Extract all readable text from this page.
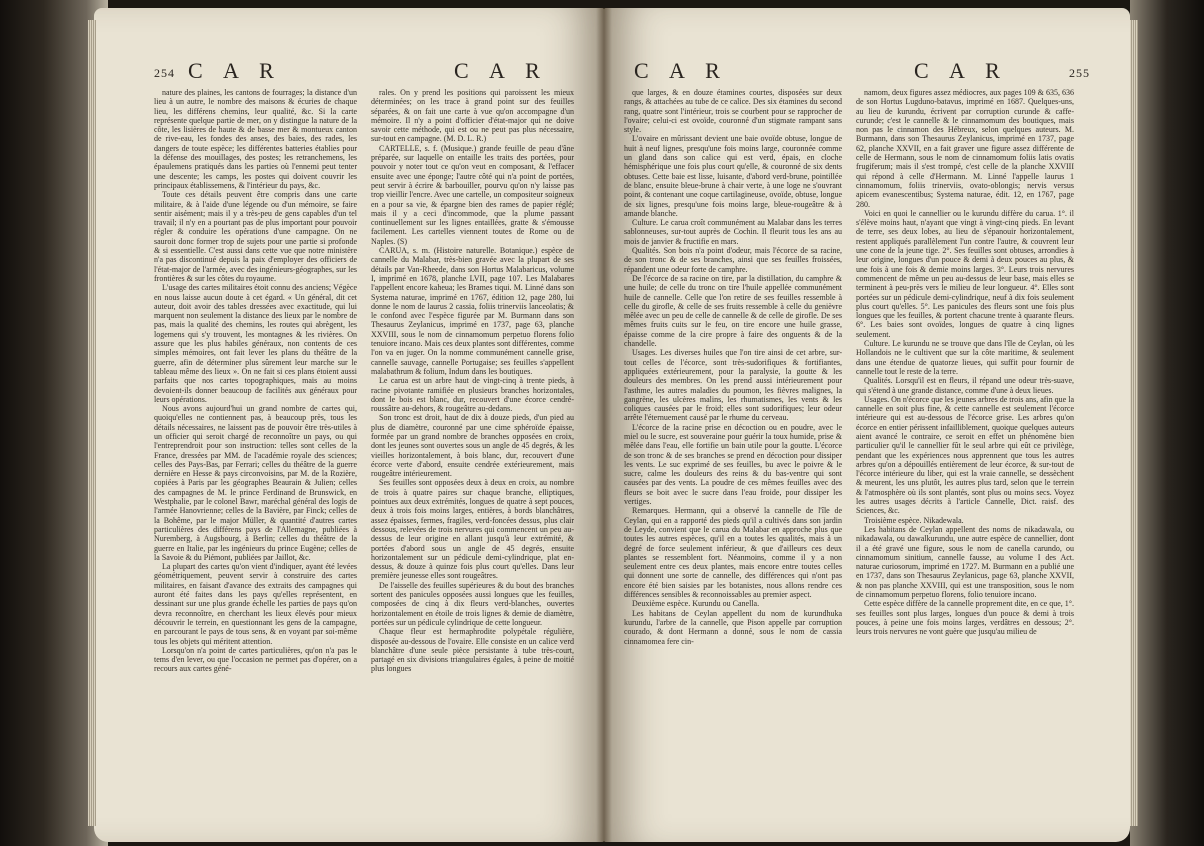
254 C A R	C A R

nature des plaines, les cantons de fourrages; la distance d'un lieu à un autre, le nombre des maisons & écuries de chaque lieu, les différens chemins, leur qualité, &c. Si la carte représente quelque partie de mer, on y distingue la nature de la côte, les lisières de haute & de basse mer & montueux canton de rive-eau, les fondes des anses, des baies, des rades, les dangers de toute espèce; les différentes batteries établies pour la défense des mouillages, des postes; les retranchemens, les épaulemens pratiqués dans les parties où l'ennemi peut tenter une descente; les camps, les postes qui doivent couvrir les principaux établissemens, & l'intérieur du pays, &c.

Toute ces détails peuvent être compris dans une carte militaire, & à l'aide d'une légende ou d'un mémoire, se faire sentir aisément; mais il y a très-peu de gens capables d'un tel travail; il n'y en a pourtant pas de plus important pour pouvoir régler & conduire les opérations d'une campagne. On ne sauroit donc former trop de sujets pour une partie si profonde & si essentielle. C'est aussi dans cette vue que notre ministère n'a pas discontinué depuis la paix d'employer des officiers de l'état-major de l'armée, avec des ingénieurs-géographes, sur les frontières & sur les côtes du royaume.

L'usage des cartes militaires étoit connu des anciens; Végèce en nous laisse aucun doute à cet égard. « Un général, dit cet auteur, doit avoir des tables dressées avec exactitude, qui lui marquent non seulement la distance des lieux par le nombre de pas, mais la qualité des chemins, les routes qui abrègent, les logemens qui s'y trouvent, les montagnes & les rivières. On assure que les plus habiles généraux, non contents de ces simples mémoires, ont fait lever les plans du théâtre de la guerre, afin de déterminer plus sûrement leur marche sur le tableau même des lieux ». On ne fait si ces plans étoient aussi parfaits que nos cartes topographiques, mais au moins devoient-ils donner beaucoup de facilités aux généraux pour leurs opérations.

Nous avons aujourd'hui un grand nombre de cartes qui, quoiqu'elles ne contiennent pas, à beaucoup près, tous les détails nécessaires, ne laissent pas de pouvoir être très-utiles à un officier qui seroit chargé de reconnoître un pays, ou qui l'entreprendroit pour son instruction: telles sont celles de la France, dressées par MM. de l'académie royale des sciences; celles des Pays-Bas, par Ferrari; celles du théâtre de la guerre dernière en Hesse & pays circonvoisins, par M. de la Rozière, copiées à Paris par les géographes Beaurain & Julien; celles des campagnes de M. le prince Ferdinand de Brunswick, en Westphalie, par le colonel Bawr, maréchal général des logis de l'armée Hanovrienne; celles de la Bavière, par Finck; celles de la Bohême, par le major Müller, & quantité d'autres cartes particulières des différens pays de l'Allemagne, publiées à Nuremberg, à Augsbourg, à Berlin; celles du théâtre de la guerre en Italie, par les ingénieurs du prince Eugène; celles de la Savoie & du Piémont, publiées par Jaillot, &c.

La plupart des cartes qu'on vient d'indiquer, ayant été levées géométriquement, peuvent servir à construire des cartes militaires, en faisant d'avance des extraits des campagnes qui auront été faites dans les pays qu'elles représentent, en dessinant sur une plus grande échelle les parties de pays qu'on devra reconnoître, en cherchant les lieux élevés pour mieux découvrir le terrein, en questionnant les gens de la campagne, en parcourant le pays de tous sens, & en voyant par soi-même tous les objets qui méritent attention.

Lorsqu'on n'a point de cartes particulières, qu'on n'a pas le tems d'en lever, ou que l'occasion ne permet pas d'opérer, on a recours aux cartes géné-

rales. On y prend les positions qui paroissent les mieux déterminées; on les trace à grand point sur des feuilles séparées, & on fait une carte à vue qu'on accompagne d'un mémoire. Il n'y a point d'officier d'état-major qui ne doive savoir cette méthode, qui est ou ne peut pas plus nécessaire, sur-tout en campagne. (M. D. L. R.)

CARTELLE, s. f. (Musique.) grande feuille de peau d'âne préparée, sur laquelle on entaille les traits des portées, pour pouvoir y noter tout ce qu'on veut en composant, & l'effacer ensuite avec une éponge; l'autre côté qui n'a point de portées, peut servir à écrire & barbouiller, pourvu qu'on n'y laisse pas trop vieillir l'encre. Avec une cartelle, un compositeur soigneux en a pour sa vie, & épargne bien des rames de papier réglé; mais il y a ceci d'incommode, que la plume passant continuellement sur les lignes entaillées, gratte & s'émousse facilement. Les cartelles viennent toutes de Rome ou de Naples. (S)

CARUA, s. m. (Histoire naturelle. Botanique.) espèce de cannelle du Malabar, très-bien gravée avec la plupart de ses détails par Van-Rheede, dans son Hortus Malabaricus, volume I, imprimé en 1678, planche LVII, page 107. Les Malabares l'appellent encore kaheua; les Brames tiqui. M. Linné dans son Systema naturae, imprimé en 1767, édition 12, page 280, lui donne le nom de laurus 2 cassia, foliis trinerviis lanceolatis; & le confond avec l'espèce figurée par M. Burmann dans son Thesaurus Zeylanicus, imprimé en 1737, page 63, planche XXVIII, sous le nom de cinnamomum perpetuo florens folio tenuiore incano. Mais ces deux plantes sont différentes, comme l'on va en juger. On la nomme communément cannelle grise, cannelle sauvage, cannelle Portugaise; ses feuilles s'appellent malabathrum & folium, Indum dans les boutiques.

Le carua est un arbre haut de vingt-cinq à trente pieds, à racine pivotante ramifiée en plusieurs branches horizontales, dont le bois est blanc, dur, recouvert d'une écorce cendré-roussâtre au-dehors, & rougeâtre au-dedans.

Son tronc est droit, haut de dix à douze pieds, d'un pied au plus de diamètre, couronné par une cime sphéroïde épaisse, formée par un grand nombre de branches opposées en croix, dont les jeunes sont ouvertes sous un angle de 45 degrés, & les vieilles horizontalement, à bois blanc, dur, recouvert d'une écorce verte d'abord, ensuite cendrée extérieurement, mais rougeâtre intérieurement.

Ses feuilles sont opposées deux à deux en croix, au nombre de trois à quatre paires sur chaque branche, elliptiques, pointues aux deux extrémités, longues de quatre à sept pouces, deux à trois fois moins larges, entières, à bords blanchâtres, assez épaisses, fermes, fragiles, verd-foncées dessus, plus clair dessous, relevées de trois nervures qui commencent un peu au-dessus de leur origine en allant jusqu'à leur extrémité, & portées d'abord sous un angle de 45 degrés, ensuite horizontalement sur un pédicule demi-cylindrique, plat en-dessus, & douze à quinze fois plus court qu'elles. Dans leur première jeunesse elles sont rougeâtres.

De l'aisselle des feuilles supérieures & du bout des branches sortent des panicules opposées aussi longues que les feuilles, composées de cinq à dix fleurs verd-blanches, ouvertes horizontalement en étoile de trois lignes & demie de diamètre, portées sur un pédicule cylindrique de cette longueur.

Chaque fleur est hermaphrodite polypétale régulière, disposée au-dessous de l'ovaire. Elle consiste en un calice verd blanchâtre d'une seule pièce persistante à tube très-court, partagé en six divisions triangulaires égales, à peine de moitié plus longues

C A R	C A R	255

que larges, & en douze étamines courtes, disposées sur deux rangs, & attachées au tube de ce calice. Des six étamines du second rang, quatre sont l'intérieur, trois se courbent pour se rapprocher de l'ovaire; celui-ci est ovoïde, couronné d'un stigmate rampant sans style.

L'ovaire en mûrissant devient une baie ovoïde obtuse, longue de huit à neuf lignes, presqu'une fois moins large, couronnée comme un gland dans son calice qui est verd, épais, en cloche hémisphérique une fois plus court qu'elle, & couronné de six dents obtuses. Cette baie est lisse, luisante, d'abord verd-brune, pointillée de blanc, ensuite bleue-brune à chair verte, à une loge ne s'ouvrant point, & contenant une coque cartilagineuse, ovoïde, obtuse, longue de six lignes, presqu'une fois moins large, bleue-rougeâtre & à amande blanche.

Culture. Le carua croît communément au Malabar dans les terres sablonneuses, sur-tout auprès de Cochin. Il fleurit tous les ans au mois de janvier & fructifie en mars.

Qualités. Son bois n'a point d'odeur, mais l'écorce de sa racine, de son tronc & de ses branches, ainsi que ses feuilles froissées, répandent une odeur forte de camphre.

De l'écorce de sa racine on tire, par la distillation, du camphre & une huile; de celle du tronc on tire l'huile appellée communément huile de cannelle. Celle que l'on retire de ses feuilles ressemble à celle du girofle, & celle de ses fruits ressemble à celle du genièvre mêlée avec un peu de celle de cannelle & de celle de girofle. De ses mêmes fruits cuits sur le feu, on tire encore une huile grasse, épaisse comme de la cire propre à faire des onguents & de la chandelle.

Usages. Les diverses huiles que l'on tire ainsi de cet arbre, sur-tout celles de l'écorce, sont très-sudorifiques & fortifiantes, appliquées extérieurement, pour la paralysie, la goutte & les douleurs des membres. On les prend aussi intérieurement pour l'asthme, les autres maladies du poumon, les fièvres malignes, la gangrène, les ulcères malins, les rhumatismes, les vents & les coliques causées par le froid; elles sont sudorifiques; leur odeur arrête l'éternuement causé par le rhume du cerveau.

L'écorce de la racine prise en décoction ou en poudre, avec le miel ou le sucre, est souveraine pour guérir la toux humide, prise & mêlée dans l'eau, elle fortifie un bain utile pour la goutte. L'écorce de son tronc & de ses branches se prend en décoction pour dissiper les vents. Le suc exprimé de ses feuilles, bu avec le poivre & le sucre, calme les douleurs des reins & du bas-ventre qui sont causées par des vents. La poudre de ces mêmes feuilles avec des fleurs se boit avec le sucre dans l'eau froide, pour dissiper les vertiges.

Remarques. Hermann, qui a observé la cannelle de l'île de Ceylan, qui en a rapporté des pieds qu'il a cultivés dans son jardin de Leyde, convient que le carua du Malabar en approche plus que toutes les autres espèces, qu'il en a toutes les qualités, mais à un degré de force seulement inférieur, & que d'ailleurs ces deux plantes se ressemblent fort. Néanmoins, comme il y a non seulement entre ces deux plantes, mais encore entre toutes celles qui donnent une sorte de cannelle, des différences qui n'ont pas encore été bien saisies par les botanistes, nous allons rendre ces différences sensibles & reconnoissables au premier aspect.

Deuxième espèce. Kurundu ou Canella.

Les habitans de Ceylan appellent du nom de kurundhuka kurundu, l'arbre de la cannelle, que Pison appelle par corruption courado, & dont Hermann a donné, sous le nom de cassia cinnamomea fere cin-

namom, deux figures assez médiocres, aux pages 109 & 635, 636 de son Hortus Lugduno-batavus, imprimé en 1687. Quelques-uns, au lieu de kurundu, écrivent par corruption curunde & caffe-curunde; c'est le cannelle & le cinnamomum des boutiques, mais non pas le cinnamon des Hébreux, selon quelques auteurs. M. Burmann, dans son Thesaurus Zeylanicus, imprimé en 1737, page 62, planche XXVII, en a fait graver une figure assez différente de celle de Hermann, sous le nom de cinnamomum foliis latis ovatis frugiferum; mais il s'est trompé, c'est celle de la planche XXVIII qui répond à celle d'Hermann. M. Linné l'appelle laurus 1 cinnamomum, foliis trinerviis, ovato-oblongis; nervis versus apicem evanescentibus; Systema naturae, édit. 12, en 1767, page 280.

Voici en quoi le cannellier ou le kurundu diffère du carua. 1°. il s'élève moins haut, n'ayant que vingt à vingt-cinq pieds. En levant de terre, ses deux lobes, au lieu de s'épanouir horizontalement, restent appliqués parallèlement l'un contre l'autre, & couvrent leur une cone de la jeune tige. 2°. Ses feuilles sont obtuses, arrondies à leur origine, longues d'un pouce & demi à deux pouces au plus, & une fois à une fois & demie moins larges. 3°. Leurs trois nervures commencent de même un peu au-dessus de leur base, mais elles se terminent à peu-près vers le milieu de leur longueur. 4°. Elles sont portées sur un pédicule demi-cylindrique, neuf à dix fois seulement plus court qu'elles. 5°. Les panicules des fleurs sont une fois plus longues que les feuilles, & portent chacune trente à quarante fleurs. 6°. Les baies sont ovoïdes, longues de quatre à cinq lignes seulement.

Culture. Le kurundu ne se trouve que dans l'île de Ceylan, où les Hollandois ne le cultivent que sur la côte maritime, & seulement dans une étendue de quatorze lieues, qui suffit pour fournir de cannelle tout le reste de la terre.

Qualités. Lorsqu'il est en fleurs, il répand une odeur très-suave, qui s'étend à une grande distance, comme d'une à deux lieues.

Usages. On n'écorce que les jeunes arbres de trois ans, afin que la cannelle en soit plus fine, & cette cannelle est seulement l'écorce intérieure qui est au-dessous de l'écorce grise. Les arbres qu'on écorce en entier périssent infailliblement, quoique quelques auteurs aient avancé le contraire, ce seroit en effet un phénomène bien particulier qu'il le cannellier fût le seul arbre qui eût ce privilège, pendant que les expériences nous apprennent que tous les autres arbres qu'on a dépouillés entièrement de leur écorce, & sur-tout de l'écorce intérieure du liber, qui est la vraie cannelle, se dessèchent & meurent, les uns plutôt, les autres plus tard, selon que le terrein & l'atmosphère où ils sont plantés, sont plus ou moins secs. Voyez les autres usages décrits à l'article Cannelle, Dict. raisf. des Sciences, &c.

Troisième espèce. Nikadewala.

Les habitans de Ceylan appellent des noms de nikadawala, ou nikadawala, ou dawalkurundu, une autre espèce de cannellier, dont il a été gravé une figure, sous le nom de canella carundo, ou cinnamomum sinitium, cannelle fausse, au volume I des Act. naturae curiosorum, imprimé en 1727. M. Burmann en a publié une en 1737, dans son Thesaurus Zeylanicus, page 63, planche XXVII, & non pas planche XXVIII, qui est une transposition, sous le nom de cinnamomum perpetuo florens, folio tenuiore incano.

Cette espèce diffère de la cannelle proprement dite, en ce que, 1°. ses feuilles sont plus larges, longues d'un pouce & demi à trois pouces, à peine une fois moins larges, verdâtres en dessous; 2°. leurs trois nervures ne vont guère que jusqu'au milieu de
